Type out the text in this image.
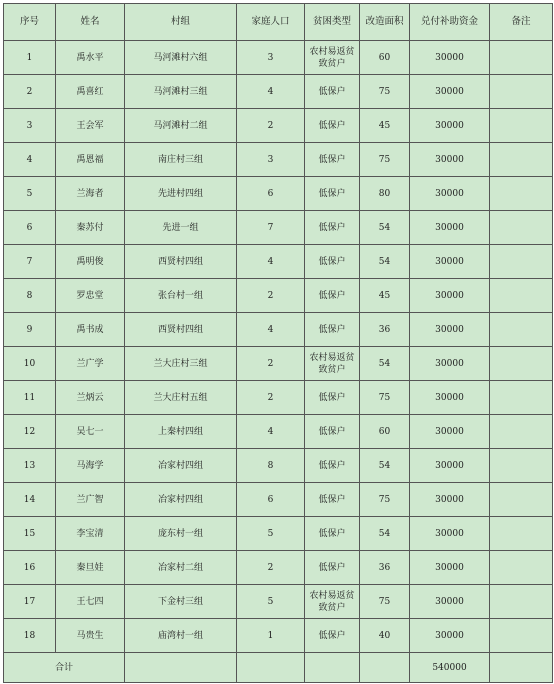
序号	姓名	村组	家庭人口	贫困类型	改造面积	兑付补助资金	备注
1	禹水平	马河滩村六组	3	农村易返贫致贫户	60	30000	
2	禹喜红	马河滩村三组	4	低保户	75	30000	
3	王会军	马河滩村二组	2	低保户	45	30000	
4	禹恩福	南庄村三组	3	低保户	75	30000	
5	兰海者	先进村四组	6	低保户	80	30000	
6	秦苏付	先进一组	7	低保户	54	30000	
7	禹明俊	西贤村四组	4	低保户	54	30000	
8	罗忠堂	张台村一组	2	低保户	45	30000	
9	禹书成	西贤村四组	4	低保户	36	30000	
10	兰广学	兰大庄村三组	2	农村易返贫致贫户	54	30000	
11	兰炳云	兰大庄村五组	2	低保户	75	30000	
12	吴七一	上秦村四组	4	低保户	60	30000	
13	马海学	冶家村四组	8	低保户	54	30000	
14	兰广智	冶家村四组	6	低保户	75	30000	
15	李宝清	庞东村一组	5	低保户	54	30000	
16	秦旦娃	冶家村二组	2	低保户	36	30000	
17	王七四	下金村三组	5	农村易返贫致贫户	75	30000	
18	马贵生	庙湾村一组	1	低保户	40	30000	
合计						540000	
